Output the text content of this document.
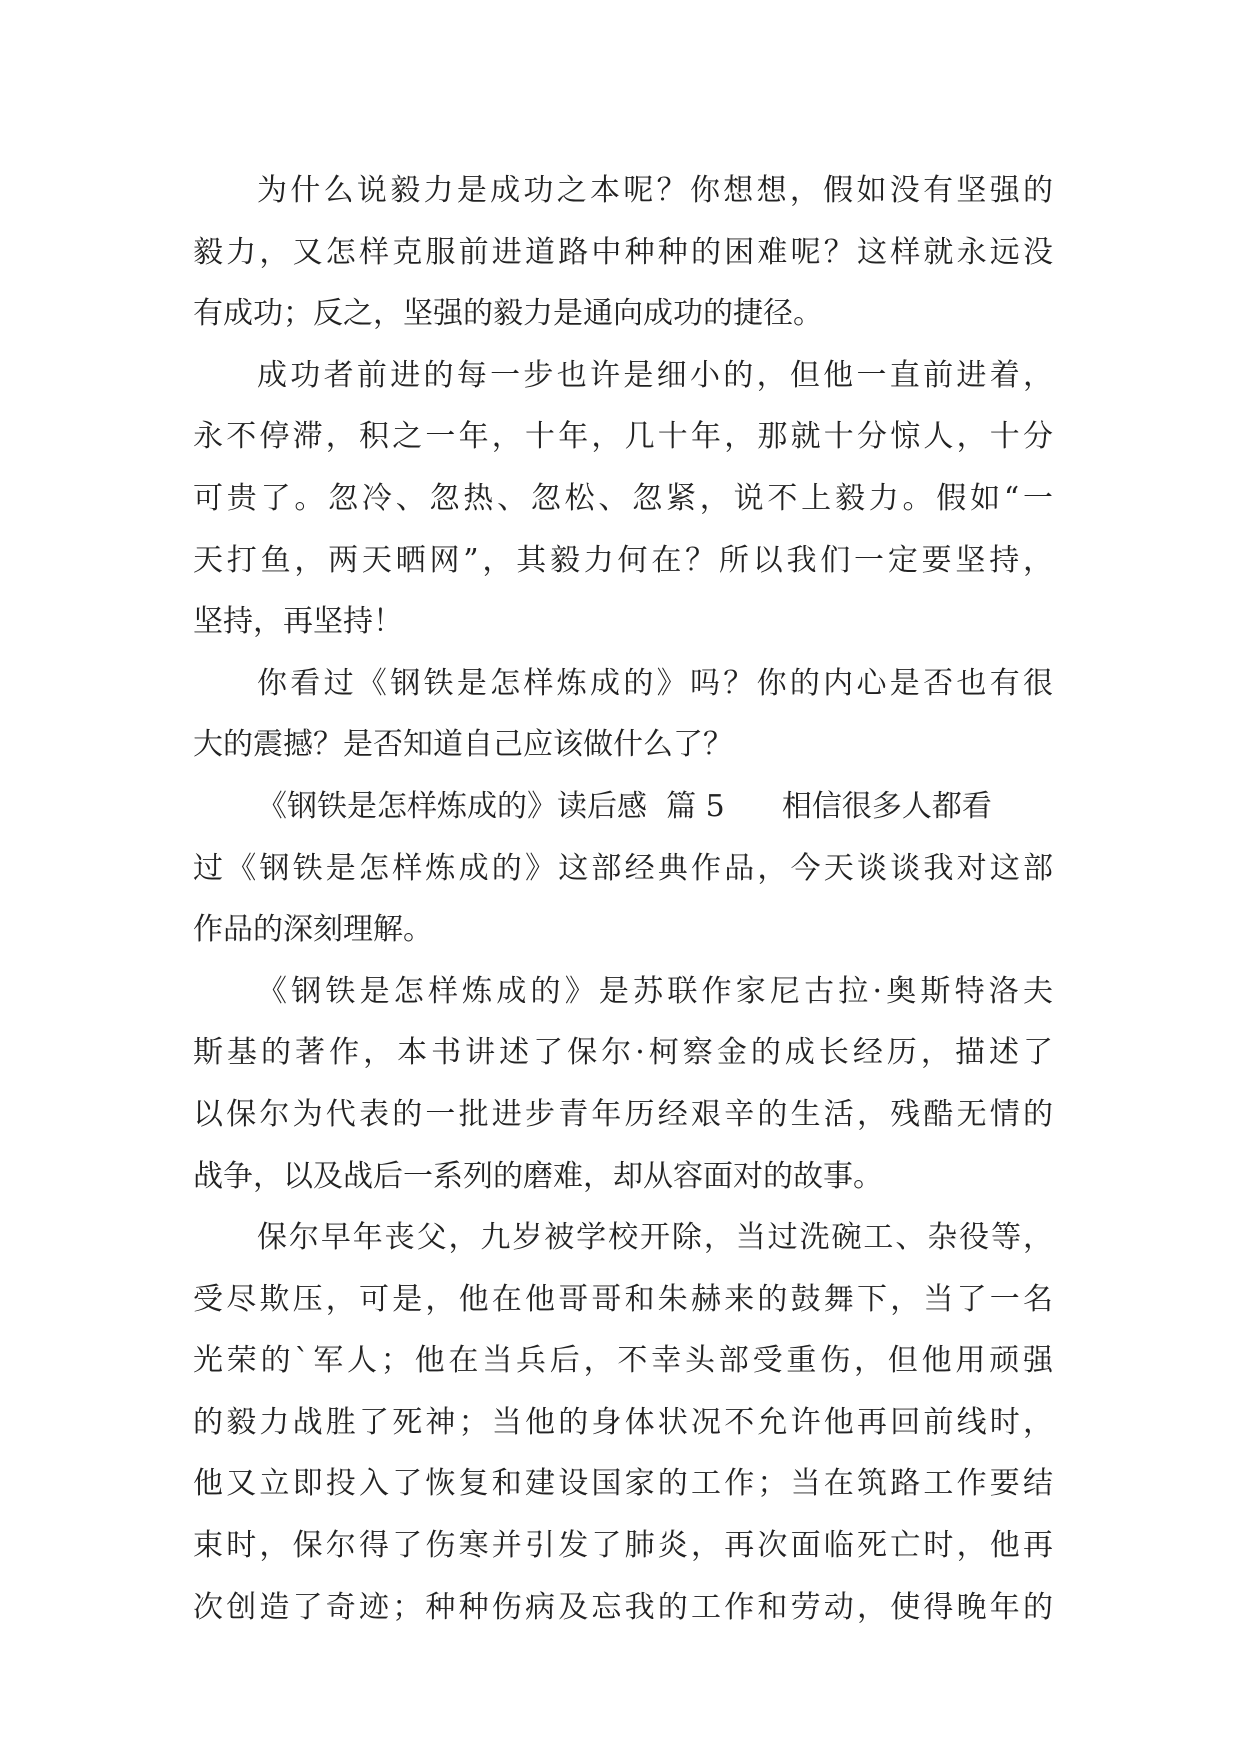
为什么说毅力是成功之本呢？你想想，假如没有坚强的
毅力，又怎样克服前进道路中种种的困难呢？这样就永远没
有成功；反之，坚强的毅力是通向成功的捷径。
成功者前进的每一步也许是细小的，但他一直前进着，
永不停滞，积之一年，十年，几十年，那就十分惊人，十分
可贵了。忽冷、忽热、忽松、忽紧，说不上毅力。假如“一
天打鱼，两天晒网”，其毅力何在？所以我们一定要坚持，
坚持，再坚持！
你看过《钢铁是怎样炼成的》吗？你的内心是否也有很
大的震撼？是否知道自己应该做什么了？
《钢铁是怎样炼成的》读后感  篇 5      相信很多人都看
过《钢铁是怎样炼成的》这部经典作品，今天谈谈我对这部
作品的深刻理解。
《钢铁是怎样炼成的》是苏联作家尼古拉·奥斯特洛夫
斯基的著作，本书讲述了保尔·柯察金的成长经历，描述了
以保尔为代表的一批进步青年历经艰辛的生活，残酷无情的
战争，以及战后一系列的磨难，却从容面对的故事。
保尔早年丧父，九岁被学校开除，当过洗碗工、杂役等，
受尽欺压，可是，他在他哥哥和朱赫来的鼓舞下，当了一名
光荣的`军人；他在当兵后，不幸头部受重伤，但他用顽强
的毅力战胜了死神；当他的身体状况不允许他再回前线时，
他又立即投入了恢复和建设国家的工作；当在筑路工作要结
束时，保尔得了伤寒并引发了肺炎，再次面临死亡时，他再
次创造了奇迹；种种伤病及忘我的工作和劳动，使得晚年的
